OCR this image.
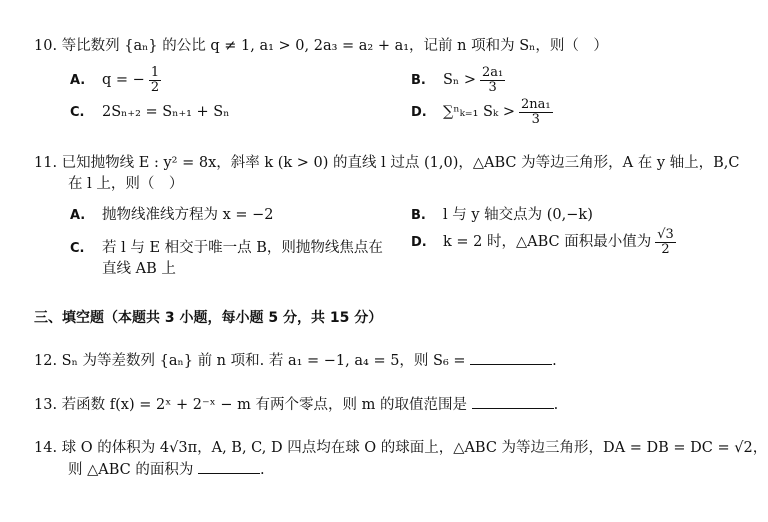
10. 等比数列 {aₙ} 的公比 q ≠ 1, a₁ > 0, 2a₃ = a₂ + a₁，记前 n 项和为 Sₙ，则（　）
A. q = − $\frac{1}{2}$	B. $S_n > \frac{\text{2a₁}}{3}$
C. 2Sₙ₊₂ = Sₙ₊₁ + Sₙ	D. ∑ⁿₖ₌₁ $S_k > \frac{\text{2na₁}}{3}$
11. 已知抛物线 E : y² = 8x，斜率 k (k > 0) 的直线 l 过点 (1,0)，△ABC 为等边三角形，A 在 y 轴上，B,C
在 l 上，则（　）
A. 抛物线准线方程为 x = −2	B. l 与 y 轴交点为 (0,−k)
C. 若 l 与 E 相交于唯一点 B，则抛物线焦点在
直线 AB 上
D. k = 2 时，△ABC 面积最小值为 $\frac{√3}{2}$
三、填空题（本题共 3 小题，每小题 5 分，共 15 分）
12. Sₙ 为等差数列 {aₙ} 前 n 项和. 若 a₁ = −1, a₄ = 5，则 S₆ =	.
13. 若函数 f(x) = 2ˣ + 2⁻ˣ − m 有两个零点，则 m 的取值范围是	.
14. 球 O 的体积为 4√3π，A, B, C, D 四点均在球 O 的球面上，△ABC 为等边三角形，DA = DB = DC = √2，
则 △ABC 的面积为	.
